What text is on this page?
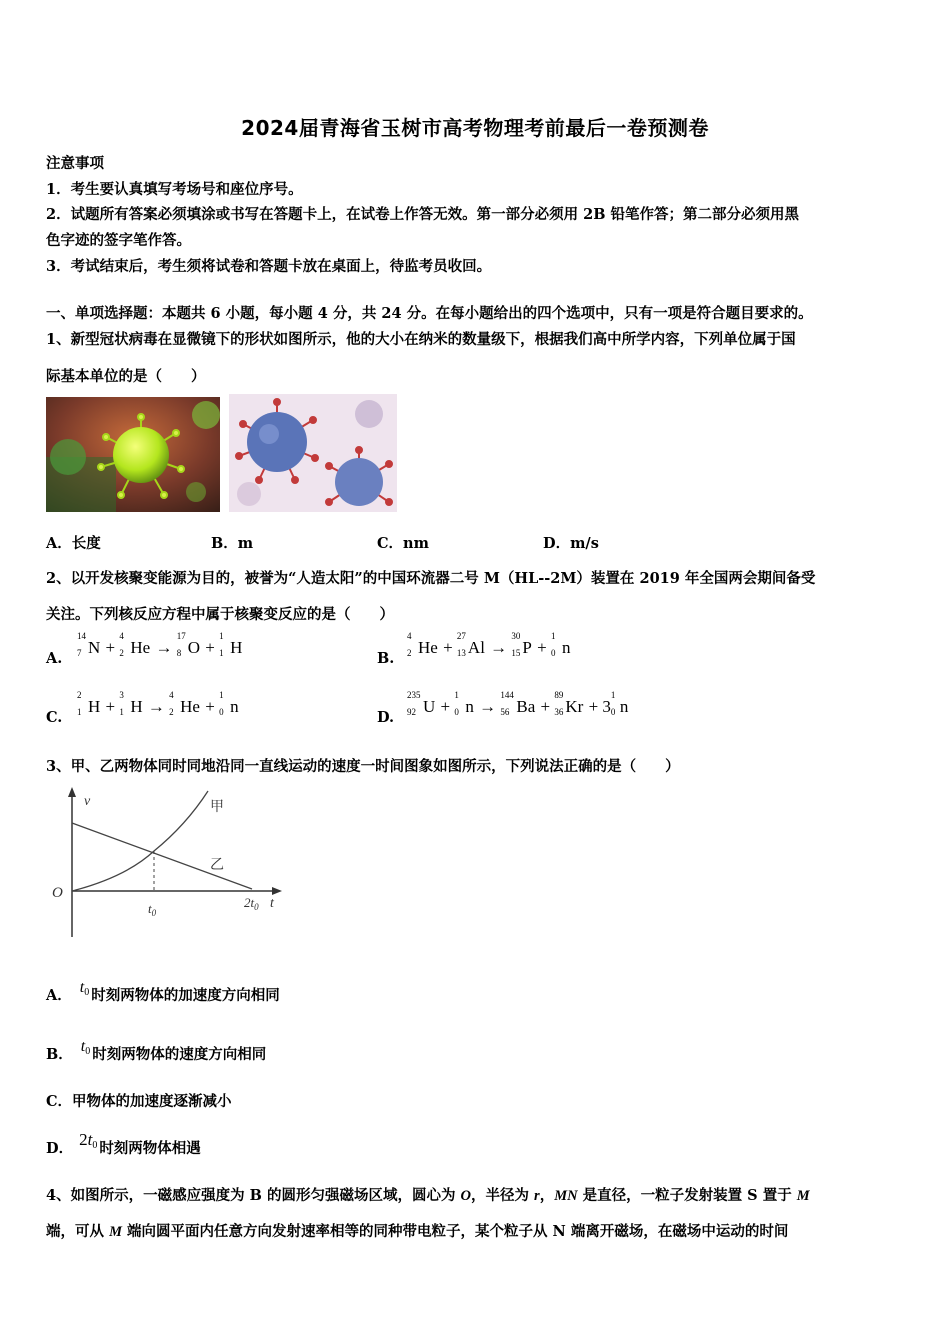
2024届青海省玉树市高考物理考前最后一卷预测卷
注意事项
1．考生要认真填写考场号和座位序号。
2．试题所有答案必须填涂或书写在答题卡上，在试卷上作答无效。第一部分必须用 2B 铅笔作答；第二部分必须用黑
色字迹的签字笔作答。
3．考试结束后，考生须将试卷和答题卡放在桌面上，待监考员收回。
一、单项选择题：本题共 6 小题，每小题 4 分，共 24 分。在每小题给出的四个选项中，只有一项是符合题目要求的。
1、新型冠状病毒在显微镜下的形状如图所示，他的大小在纳米的数量级下，根据我们高中所学内容，下列单位属于国
际基本单位的是（　　）
A．长度	B．m	C．nm	D．m/s
2、以开发核聚变能源为目的，被誉为“人造太阳”的中国环流器二号 M（HL--2M）装置在 2019 年全国两会期间备受
关注。下列核反应方程中属于核聚变反应的是（　　）
A.
14
7 N +
4
2 He →
17
8 O +
1
1 H
B.
4
2 He +
27
13 Al →
30
15 P +
1
0 n
C.
2
1 H +
3
1 H →
4
2 He +
1
0 n
D.
235
92 U +
1
0 n →
144
56 Ba +
89
36 Kr + 3
1
0 n
3、甲、乙两物体同时同地沿同一直线运动的速度一时间图象如图所示，下列说法正确的是（　　）
v	甲
乙
O
$t_0$
$2t_0$ t
A． $t_0$ 时刻两物体的加速度方向相同
B． $t_0$ 时刻两物体的速度方向相同
C．甲物体的加速度逐渐减小
D． $2t_0$ 时刻两物体相遇
4、如图所示，一磁感应强度为 B 的圆形匀强磁场区域，圆心为 O，半径为 r，MN 是直径，一粒子发射装置 S 置于 M
端，可从 M 端向圆平面内任意方向发射速率相等的同种带电粒子，某个粒子从 N 端离开磁场，在磁场中运动的时间
